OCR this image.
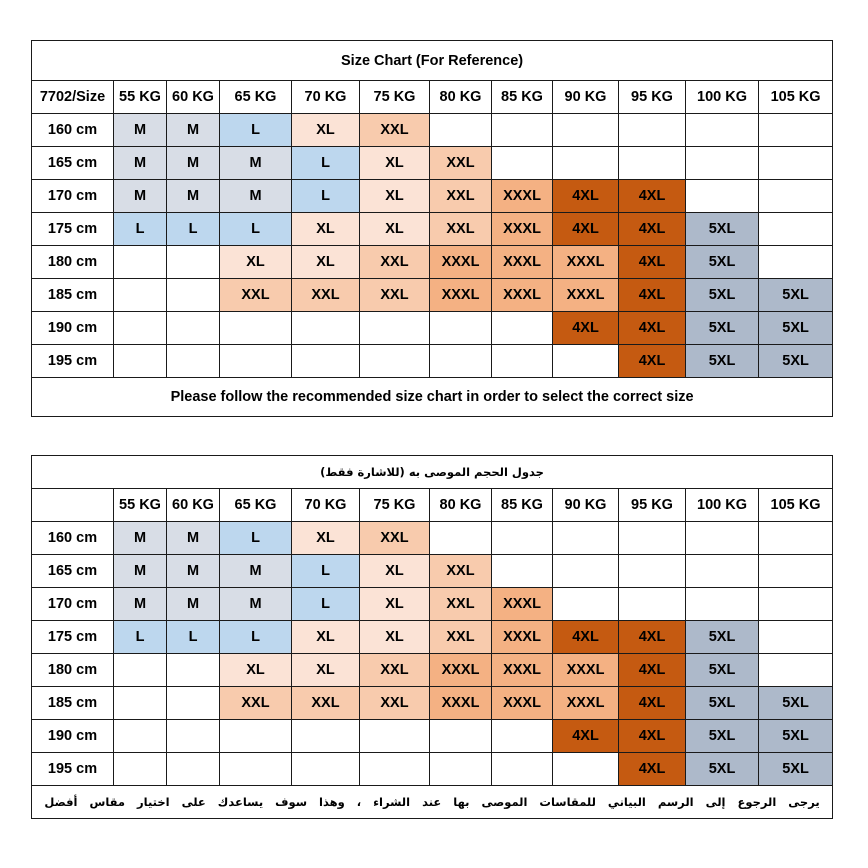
Size Chart (For Reference)											
7702/Size	55 KG	60 KG	65 KG	70 KG	75 KG	80 KG	85 KG	90 KG	95 KG	100 KG	105 KG
160 cm	M	M	L	XL	XXL						
165 cm	M	M	M	L	XL	XXL					
170 cm	M	M	M	L	XL	XXL	XXXL	4XL	4XL		
175 cm	L	L	L	XL	XL	XXL	XXXL	4XL	4XL	5XL	
180 cm			XL	XL	XXL	XXXL	XXXL	XXXL	4XL	5XL	
185 cm			XXL	XXL	XXL	XXXL	XXXL	XXXL	4XL	5XL	5XL
190 cm								4XL	4XL	5XL	5XL
195 cm									4XL	5XL	5XL
Please follow the recommended size chart in order to select the correct size											
جدول الحجم الموصى به (للاشارة فقط)											
	55 KG	60 KG	65 KG	70 KG	75 KG	80 KG	85 KG	90 KG	95 KG	100 KG	105 KG
160 cm	M	M	L	XL	XXL						
165 cm	M	M	M	L	XL	XXL					
170 cm	M	M	M	L	XL	XXL	XXXL				
175 cm	L	L	L	XL	XL	XXL	XXXL	4XL	4XL	5XL	
180 cm			XL	XL	XXL	XXXL	XXXL	XXXL	4XL	5XL	
185 cm			XXL	XXL	XXL	XXXL	XXXL	XXXL	4XL	5XL	5XL
190 cm								4XL	4XL	5XL	5XL
195 cm									4XL	5XL	5XL
يرجى الرجوع إلى الرسم البياني للمقاسات الموصى بها عند الشراء ، وهذا سوف يساعدك على اختيار مقاس أفضل											
